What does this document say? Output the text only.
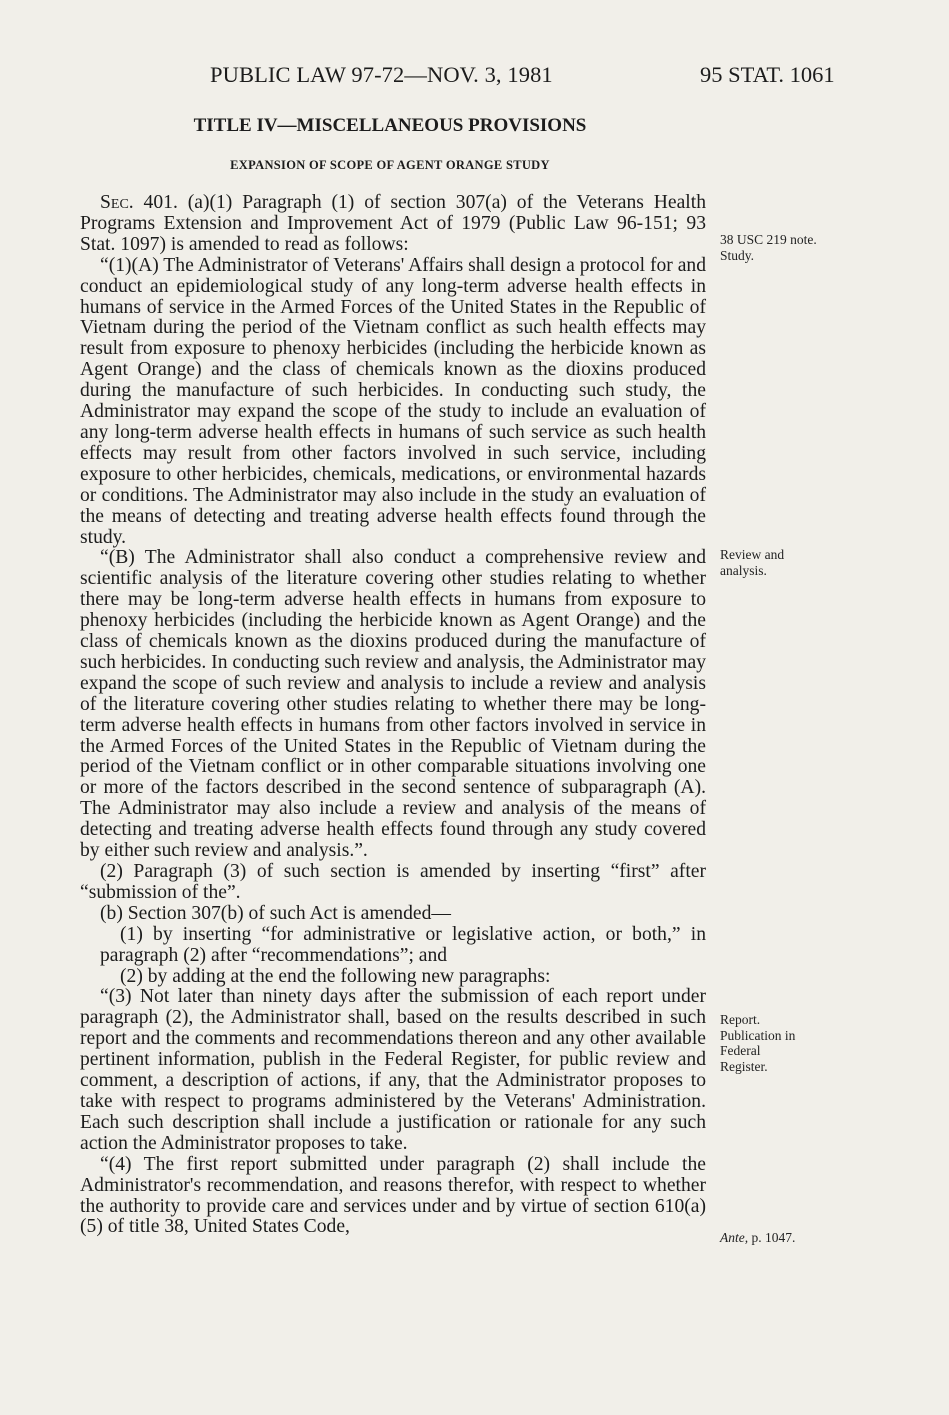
PUBLIC LAW 97-72—NOV. 3, 1981	95 STAT. 1061
TITLE IV—MISCELLANEOUS PROVISIONS
EXPANSION OF SCOPE OF AGENT ORANGE STUDY

Sec. 401. (a)(1) Paragraph (1) of section 307(a) of the Veterans Health Programs Extension and Improvement Act of 1979 (Public Law 96-151; 93 Stat. 1097) is amended to read as follows:

“(1)(A) The Administrator of Veterans' Affairs shall design a protocol for and conduct an epidemiological study of any long-term adverse health effects in humans of service in the Armed Forces of the United States in the Republic of Vietnam during the period of the Vietnam conflict as such health effects may result from exposure to phenoxy herbicides (including the herbicide known as Agent Orange) and the class of chemicals known as the dioxins produced during the manufacture of such herbicides. In conducting such study, the Administrator may expand the scope of the study to include an evaluation of any long-term adverse health effects in humans of such service as such health effects may result from other factors involved in such service, including exposure to other herbicides, chemicals, medications, or environmental hazards or conditions. The Administrator may also include in the study an evaluation of the means of detecting and treating adverse health effects found through the study.

“(B) The Administrator shall also conduct a comprehensive review and scientific analysis of the literature covering other studies relating to whether there may be long-term adverse health effects in humans from exposure to phenoxy herbicides (including the herbicide known as Agent Orange) and the class of chemicals known as the dioxins produced during the manufacture of such herbicides. In conducting such review and analysis, the Administrator may expand the scope of such review and analysis to include a review and analysis of the literature covering other studies relating to whether there may be long-term adverse health effects in humans from other factors involved in service in the Armed Forces of the United States in the Republic of Vietnam during the period of the Vietnam conflict or in other comparable situations involving one or more of the factors described in the second sentence of subparagraph (A). The Administrator may also include a review and analysis of the means of detecting and treating adverse health effects found through any study covered by either such review and analysis.”.

(2) Paragraph (3) of such section is amended by inserting “first” after “submission of the”.

(b) Section 307(b) of such Act is amended—

(1) by inserting “for administrative or legislative action, or both,” in paragraph (2) after “recommendations”; and

(2) by adding at the end the following new paragraphs:

“(3) Not later than ninety days after the submission of each report under paragraph (2), the Administrator shall, based on the results described in such report and the comments and recommendations thereon and any other available pertinent information, publish in the Federal Register, for public review and comment, a description of actions, if any, that the Administrator proposes to take with respect to programs administered by the Veterans' Administration. Each such description shall include a justification or rationale for any such action the Administrator proposes to take.

“(4) The first report submitted under paragraph (2) shall include the Administrator's recommendation, and reasons therefor, with respect to whether the authority to provide care and services under and by virtue of section 610(a)(5) of title 38, United States Code,

38 USC 219 note.
Study.
Review and
analysis.
Report.
Publication in
Federal
Register.
Ante, p. 1047.
